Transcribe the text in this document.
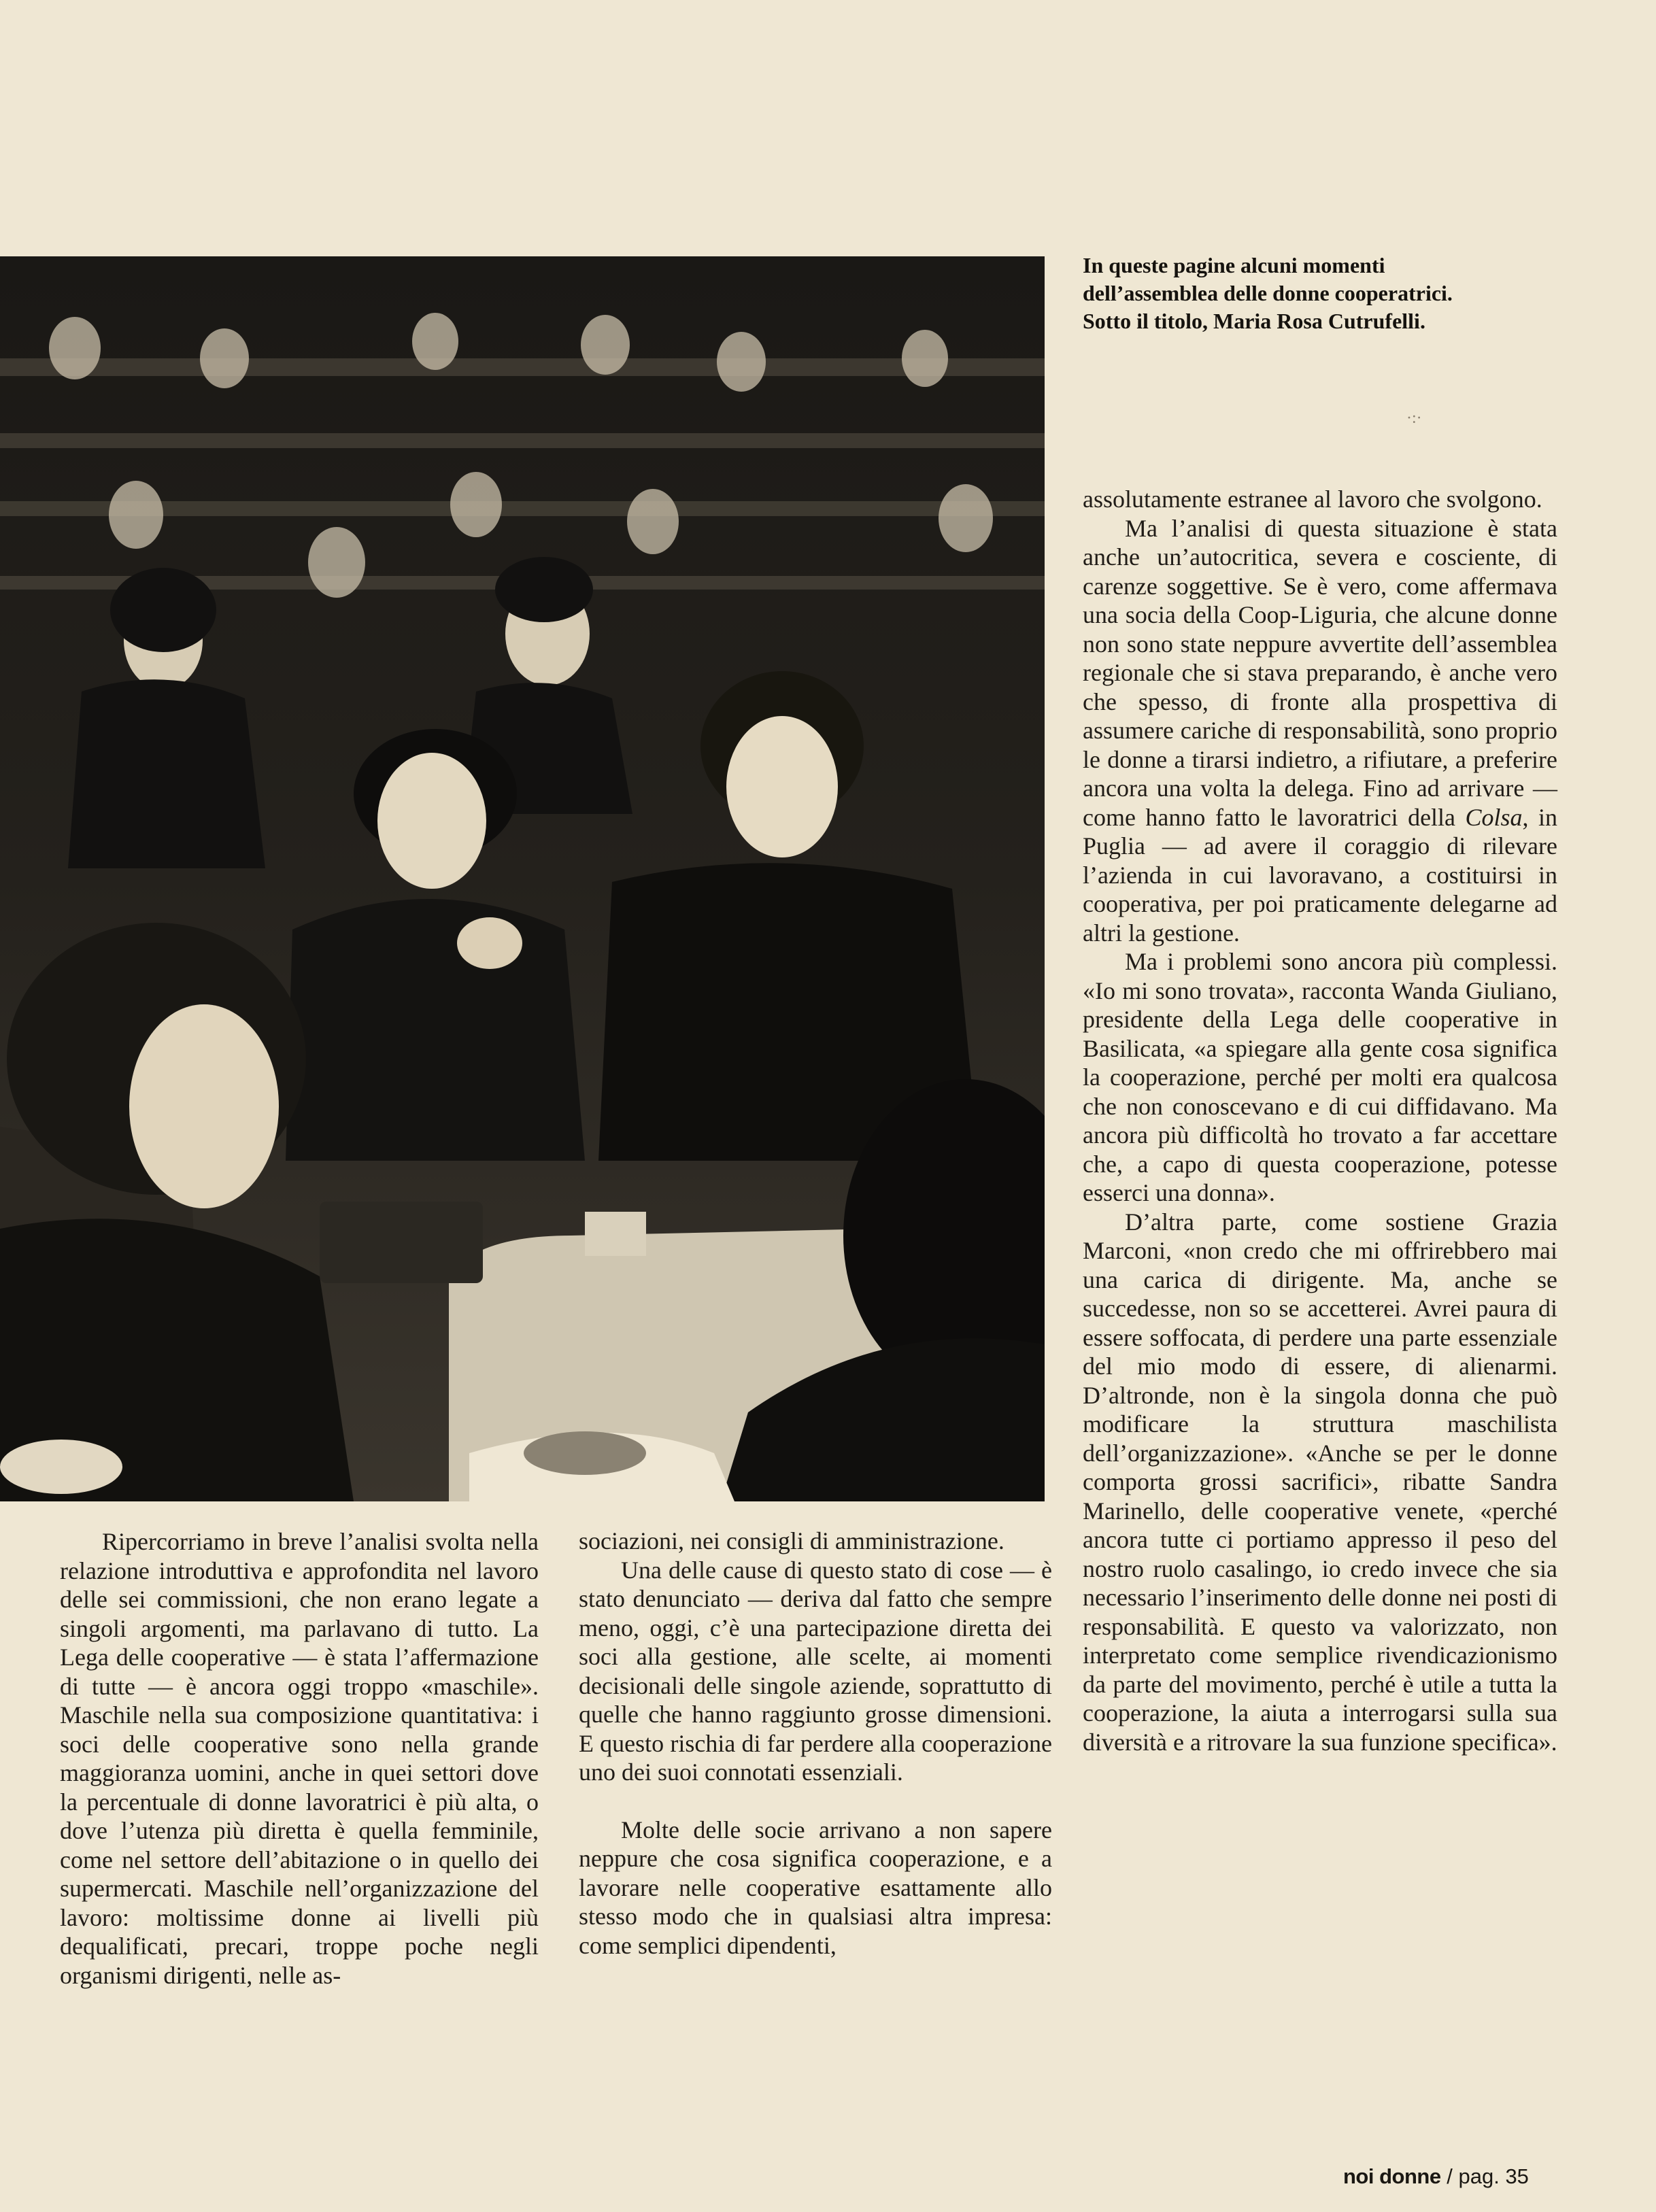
In queste pagine alcuni momenti

dell’assemblea delle donne cooperatrici.

Sotto il titolo, Maria Rosa Cutrufelli.

·:·

assolutamente estranee al lavoro che svolgono.

Ma l’analisi di questa situazione è stata anche un’autocritica, severa e cosciente, di carenze soggettive. Se è vero, come affermava una socia della Coop-Liguria, che alcune donne non sono state neppure avvertite dell’assemblea regionale che si stava preparando, è anche vero che spesso, di fronte alla prospettiva di assumere cariche di responsabilità, sono proprio le donne a tirarsi indietro, a rifiutare, a preferire ancora una volta la delega. Fino ad arrivare — come hanno fatto le lavoratrici della Colsa, in Puglia — ad avere il coraggio di rilevare l’azienda in cui lavoravano, a costituirsi in cooperativa, per poi praticamente delegarne ad altri la gestione.

Ma i problemi sono ancora più complessi. «Io mi sono trovata», racconta Wanda Giuliano, presidente della Lega delle cooperative in Basilicata, «a spiegare alla gente cosa significa la cooperazione, perché per molti era qualcosa che non conoscevano e di cui diffidavano. Ma ancora più difficoltà ho trovato a far accettare che, a capo di questa cooperazione, potesse esserci una donna».

D’altra parte, come sostiene Grazia Marconi, «non credo che mi offrirebbero mai una carica di dirigente. Ma, anche se succedesse, non so se accetterei. Avrei paura di essere soffocata, di perdere una parte essenziale del mio modo di essere, di alienarmi. D’altronde, non è la singola donna che può modificare la struttura maschilista dell’organizzazione». «Anche se per le donne comporta grossi sacrifici», ribatte Sandra Marinello, delle cooperative venete, «perché ancora tutte ci portiamo appresso il peso del nostro ruolo casalingo, io credo invece che sia necessario l’inserimento delle donne nei posti di responsabilità. E questo va valorizzato, non interpretato come semplice rivendicazionismo da parte del movimento, perché è utile a tutta la cooperazione, la aiuta a interrogarsi sulla sua diversità e a ritrovare la sua funzione specifica».

Ripercorriamo in breve l’analisi svolta nella relazione introduttiva e approfondita nel lavoro delle sei commissioni, che non erano legate a singoli argomenti, ma parlavano di tutto. La Lega delle cooperative — è stata l’affermazione di tutte — è ancora oggi troppo «maschile». Maschile nella sua composizione quantitativa: i soci delle cooperative sono nella grande maggioranza uomini, anche in quei settori dove la percentuale di donne lavoratrici è più alta, o dove l’utenza più diretta è quella femminile, come nel settore dell’abitazione o in quello dei supermercati. Maschile nell’organizzazione del lavoro: moltissime donne ai livelli più dequalificati, precari, troppe poche negli organismi dirigenti, nelle as-

sociazioni, nei consigli di amministrazione.

Una delle cause di questo stato di cose — è stato denunciato — deriva dal fatto che sempre meno, oggi, c’è una partecipazione diretta dei soci alla gestione, alle scelte, ai momenti decisionali delle singole aziende, soprattutto di quelle che hanno raggiunto grosse dimensioni. E questo rischia di far perdere alla cooperazione uno dei suoi connotati essenziali.

Molte delle socie arrivano a non sapere neppure che cosa significa cooperazione, e a lavorare nelle cooperative esattamente allo stesso modo che in qualsiasi altra impresa: come semplici dipendenti,

noi donne / pag. 35
